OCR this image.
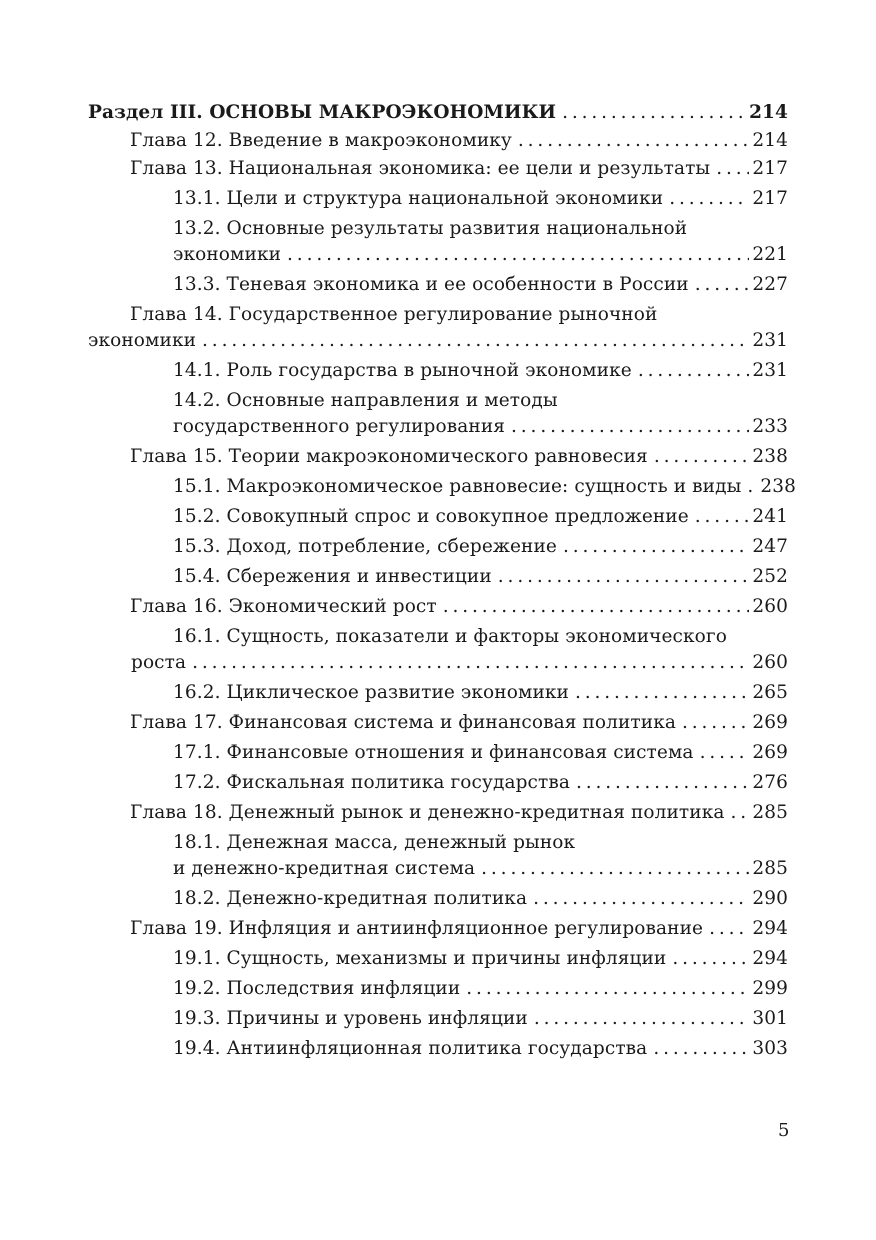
Раздел III. ОСНОВЫ МАКРОЭКОНОМИКИ . . .	214
Глава 12. Введение в макроэкономику . . .	214
Глава 13. Национальная экономика: ее цели и результаты . . . 217
13.1. Цели и структура национальной экономики . . .	217
13.2. Основные результаты развития национальной
экономики . . .	221
13.3. Теневая экономика и ее особенности в России . . .	227
Глава 14. Государственное регулирование рыночной
экономики . . .	231
14.1. Роль государства в рыночной экономике . . .	231
14.2. Основные направления и методы
государственного регулирования . . .	233
Глава 15. Теории макроэкономического равновесия . . .	238
15.1. Макроэкономическое равновесие: сущность и виды . . . 238
15.2. Совокупный спрос и совокупное предложение . . .	241
15.3. Доход, потребление, сбережение . . .	247
15.4. Сбережения и инвестиции . . .	252
Глава 16. Экономический рост . . .	260
16.1. Сущность, показатели и факторы экономического
роста . . .	260
16.2. Циклическое развитие экономики . . .	265
Глава 17. Финансовая система и финансовая политика . . .	269
17.1. Финансовые отношения и финансовая система . . .	269
17.2. Фискальная политика государства . . .	276
Глава 18. Денежный рынок и денежно-кредитная политика . . . 285
18.1. Денежная масса, денежный рынок
и денежно-кредитная система . . .	285
18.2. Денежно-кредитная политика . . .	290
Глава 19. Инфляция и антиинфляционное регулирование . . .	294
19.1. Сущность, механизмы и причины инфляции . . .	294
19.2. Последствия инфляции . . .	299
19.3. Причины и уровень инфляции . . .	301
19.4. Антиинфляционная политика государства . . .	303
5
